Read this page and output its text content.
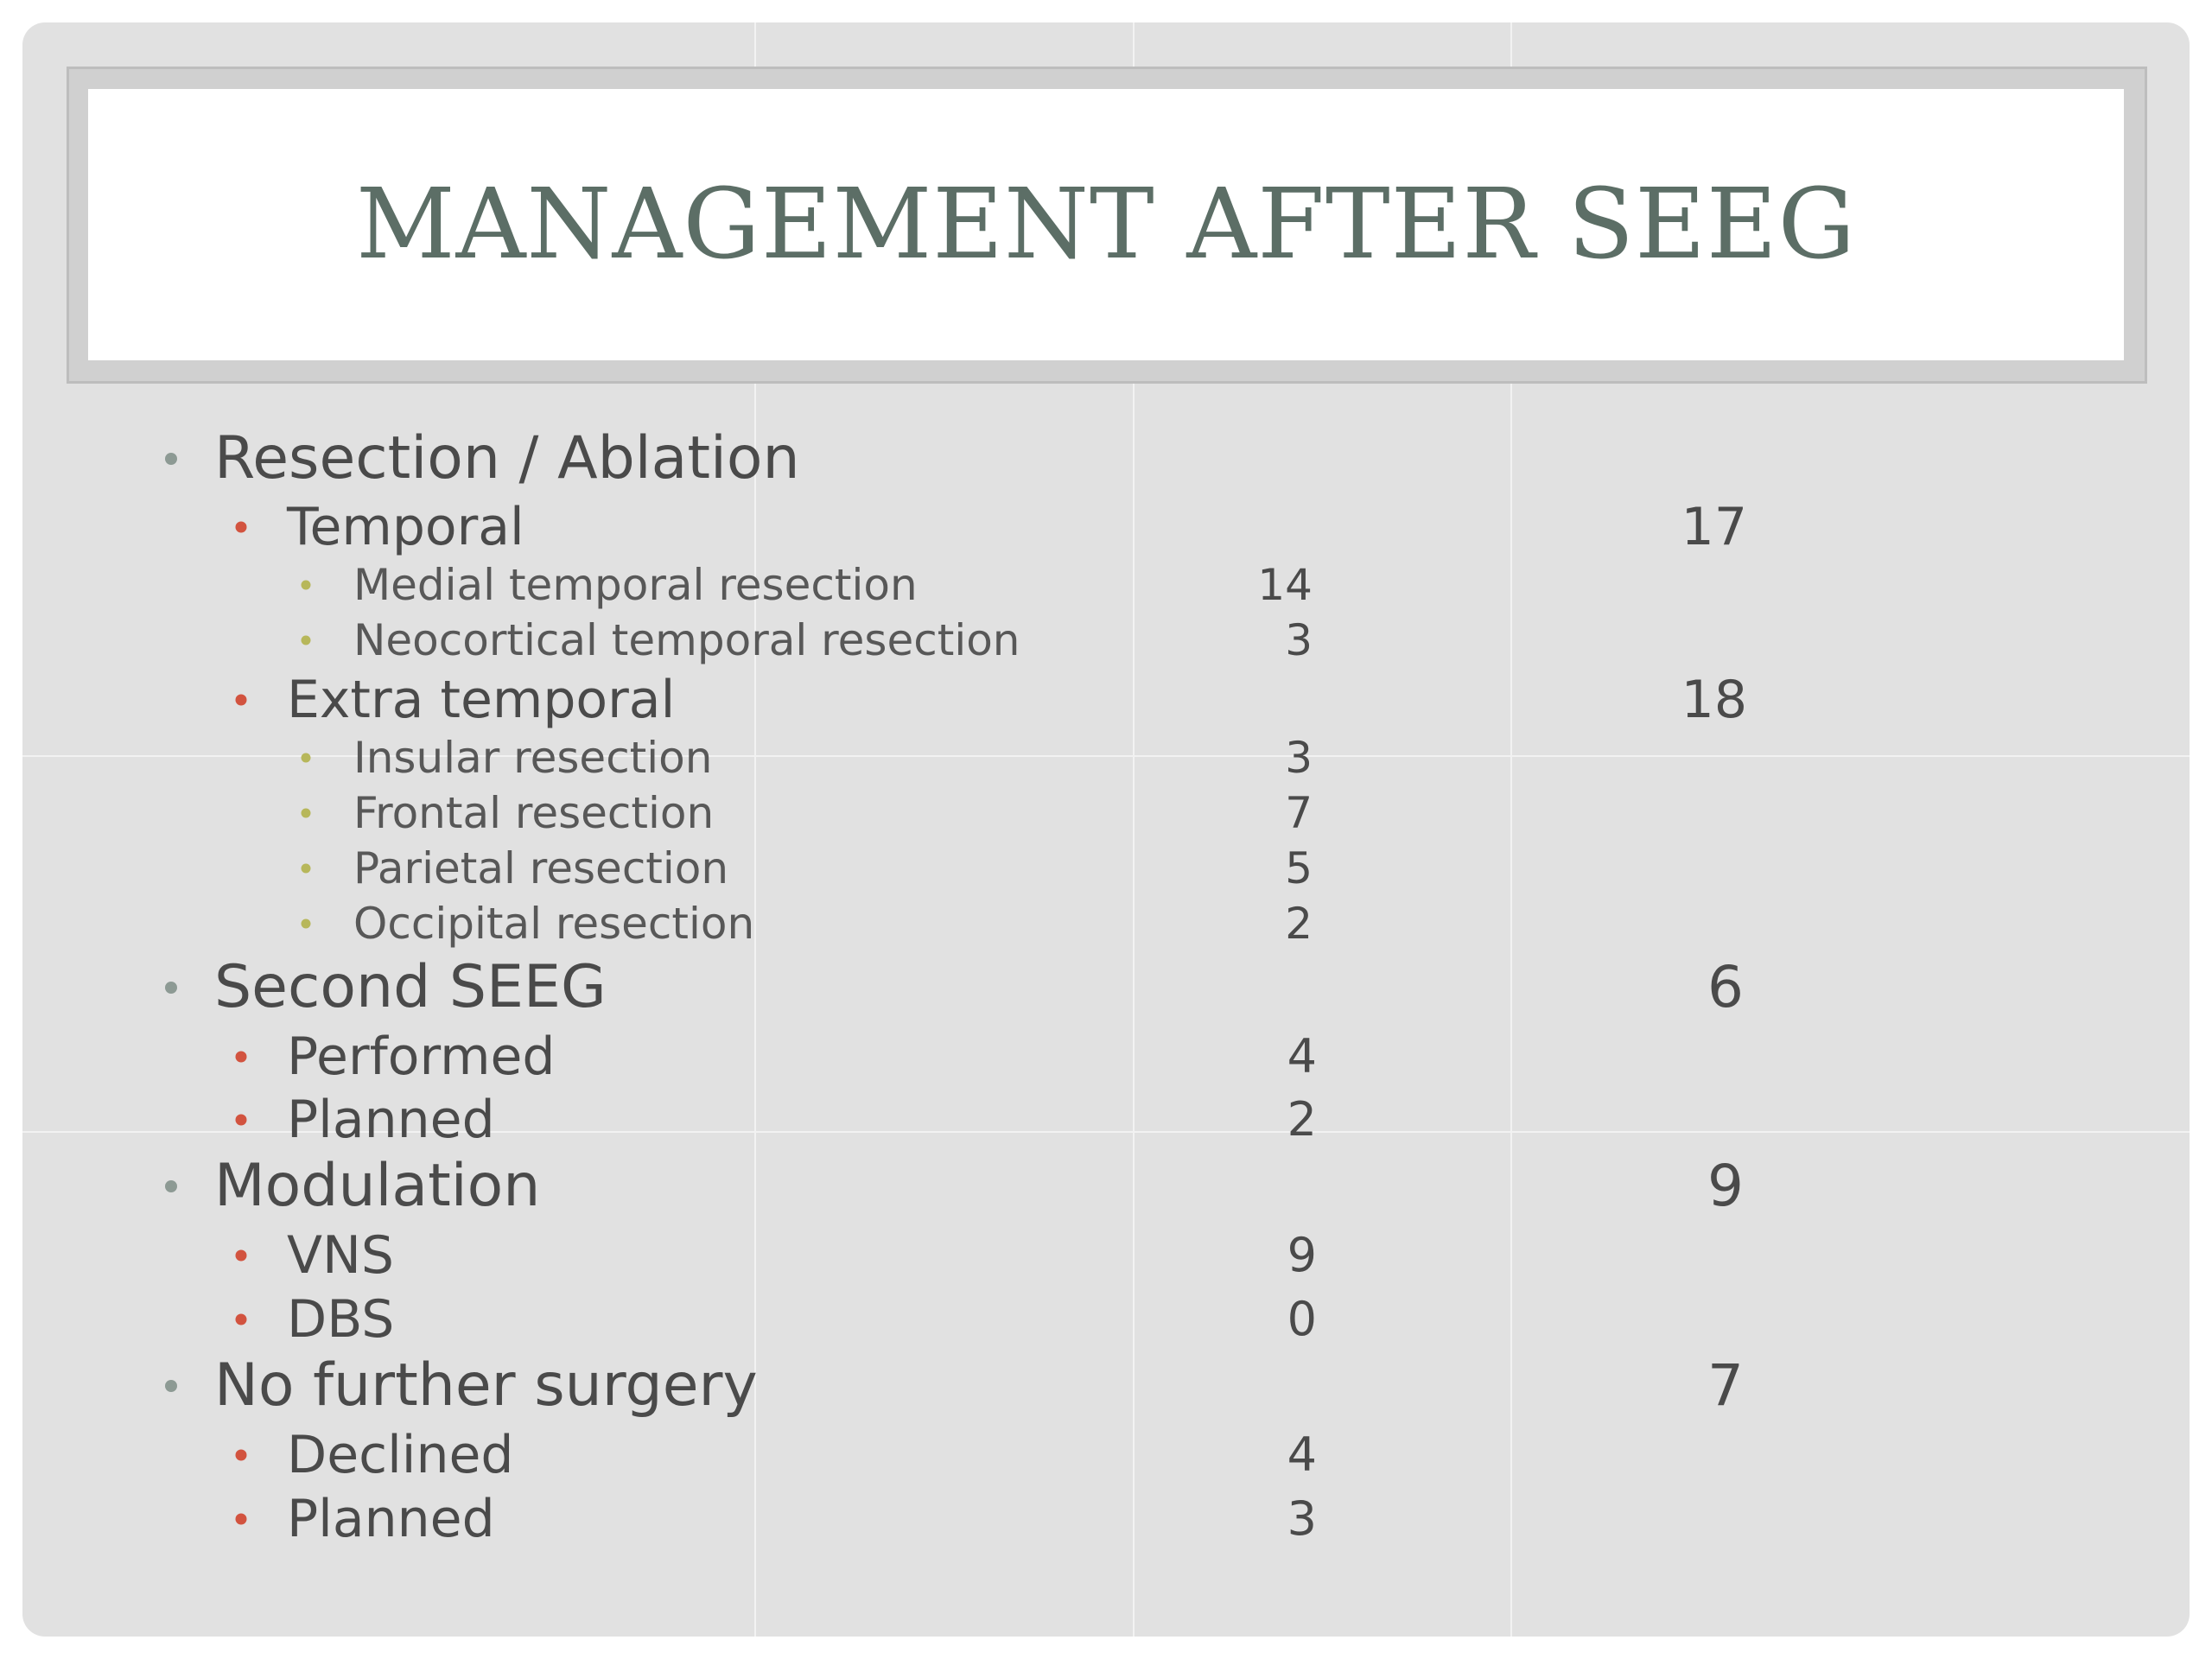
MANAGEMENT AFTER SEEG
Resection / Ablation
Temporal	17
Medial temporal resection	14
Neocortical temporal resection	3
Extra temporal	18
Insular resection	3
Frontal resection	7
Parietal resection	5
Occipital resection	2
Second SEEG	6
Performed	4
Planned	2
Modulation	9
VNS	9
DBS	0
No further surgery	7
Declined	4
Planned	3
